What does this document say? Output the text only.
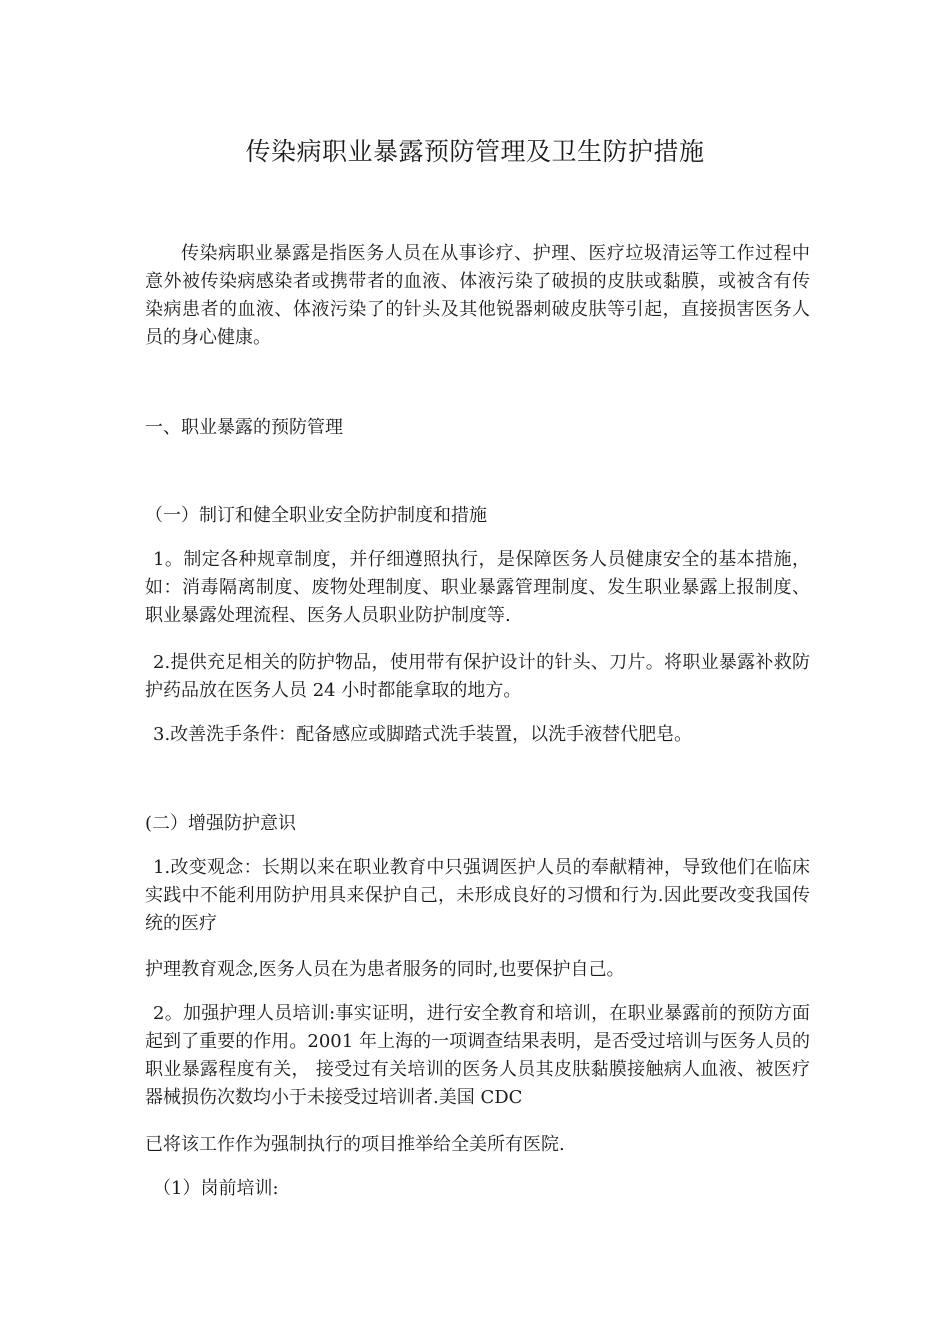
传染病职业暴露预防管理及卫生防护措施

传染病职业暴露是指医务人员在从事诊疗、护理、医疗垃圾清运等工作过程中意外被传染病感染者或携带者的血液、体液污染了破损的皮肤或黏膜，或被含有传染病患者的血液、体液污染了的针头及其他锐器刺破皮肤等引起，直接损害医务人员的身心健康。

一、职业暴露的预防管理

（一）制订和健全职业安全防护制度和措施

1。制定各种规章制度，并仔细遵照执行，是保障医务人员健康安全的基本措施，如：消毒隔离制度、废物处理制度、职业暴露管理制度、发生职业暴露上报制度、职业暴露处理流程、医务人员职业防护制度等.

2.提供充足相关的防护物品，使用带有保护设计的针头、刀片。将职业暴露补救防护药品放在医务人员 24 小时都能拿取的地方。

3.改善洗手条件：配备感应或脚踏式洗手装置，以洗手液替代肥皂。

(二）增强防护意识

1.改变观念：长期以来在职业教育中只强调医护人员的奉献精神，导致他们在临床实践中不能利用防护用具来保护自己，未形成良好的习惯和行为.因此要改变我国传统的医疗

护理教育观念,医务人员在为患者服务的同时,也要保护自己。

2。加强护理人员培训:事实证明，进行安全教育和培训，在职业暴露前的预防方面起到了重要的作用。2001 年上海的一项调查结果表明，是否受过培训与医务人员的职业暴露程度有关， 接受过有关培训的医务人员其皮肤黏膜接触病人血液、被医疗器械损伤次数均小于未接受过培训者.美国 CDC

已将该工作作为强制执行的项目推举给全美所有医院.

（1）岗前培训:
